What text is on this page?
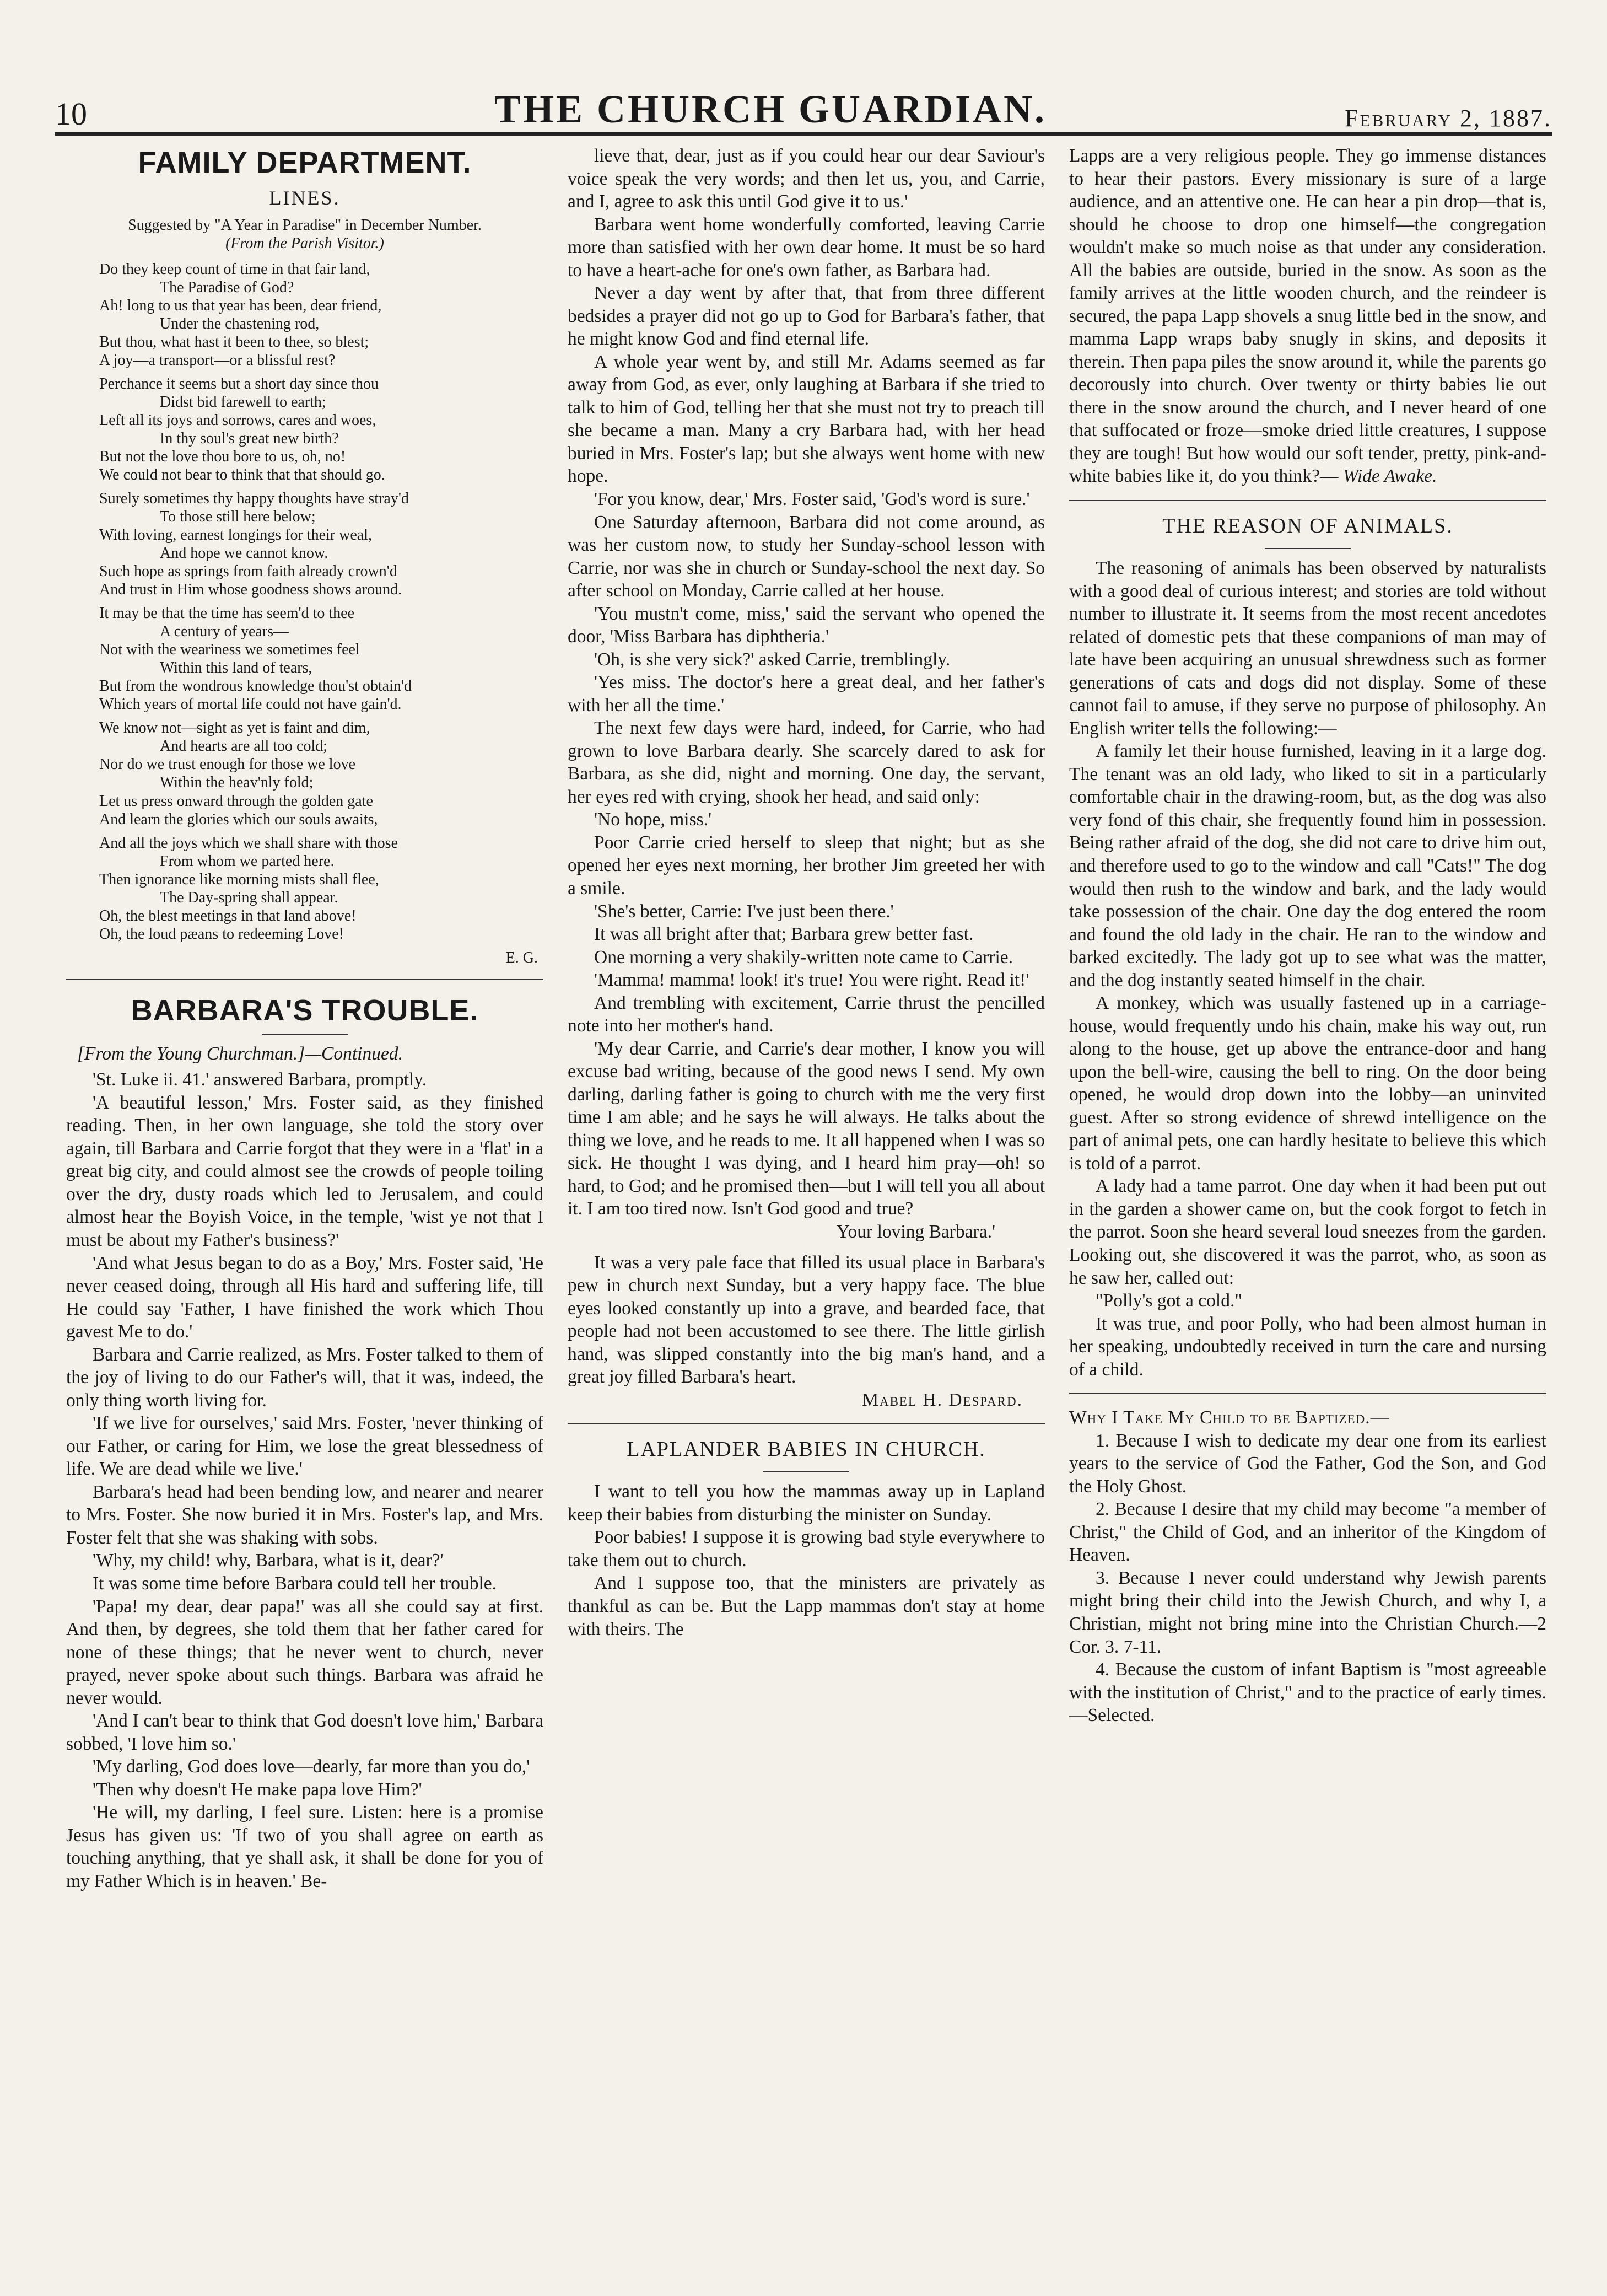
10	THE CHURCH GUARDIAN.	February 2, 1887.
FAMILY DEPARTMENT.
LINES.
Suggested by "A Year in Paradise" in December Number.
(From the Parish Visitor.)
Do they keep count of time in that fair land,
The Paradise of God?
Ah! long to us that year has been, dear friend,
Under the chastening rod,
But thou, what hast it been to thee, so blest;
A joy—a transport—or a blissful rest?
Perchance it seems but a short day since thou
Didst bid farewell to earth;
Left all its joys and sorrows, cares and woes,
In thy soul's great new birth?
But not the love thou bore to us, oh, no!
We could not bear to think that that should go.
Surely sometimes thy happy thoughts have stray'd
To those still here below;
With loving, earnest longings for their weal,
And hope we cannot know.
Such hope as springs from faith already crown'd
And trust in Him whose goodness shows around.
It may be that the time has seem'd to thee
A century of years—
Not with the weariness we sometimes feel
Within this land of tears,
But from the wondrous knowledge thou'st obtain'd
Which years of mortal life could not have gain'd.
We know not—sight as yet is faint and dim,
And hearts are all too cold;
Nor do we trust enough for those we love
Within the heav'nly fold;
Let us press onward through the golden gate
And learn the glories which our souls awaits,
And all the joys which we shall share with those
From whom we parted here.
Then ignorance like morning mists shall flee,
The Day-spring shall appear.
Oh, the blest meetings in that land above!
Oh, the loud pæans to redeeming Love!
E. G.
BARBARA'S TROUBLE.
[From the Young Churchman.]—Continued.

'St. Luke ii. 41.' answered Barbara, promptly.

'A beautiful lesson,' Mrs. Foster said, as they finished reading. Then, in her own language, she told the story over again, till Barbara and Carrie forgot that they were in a 'flat' in a great big city, and could almost see the crowds of people toiling over the dry, dusty roads which led to Jerusalem, and could almost hear the Boyish Voice, in the temple, 'wist ye not that I must be about my Father's business?'

'And what Jesus began to do as a Boy,' Mrs. Foster said, 'He never ceased doing, through all His hard and suffering life, till He could say 'Father, I have finished the work which Thou gavest Me to do.'

Barbara and Carrie realized, as Mrs. Foster talked to them of the joy of living to do our Father's will, that it was, indeed, the only thing worth living for.

'If we live for ourselves,' said Mrs. Foster, 'never thinking of our Father, or caring for Him, we lose the great blessedness of life. We are dead while we live.'

Barbara's head had been bending low, and nearer and nearer to Mrs. Foster. She now buried it in Mrs. Foster's lap, and Mrs. Foster felt that she was shaking with sobs.

'Why, my child! why, Barbara, what is it, dear?'

It was some time before Barbara could tell her trouble.

'Papa! my dear, dear papa!' was all she could say at first. And then, by degrees, she told them that her father cared for none of these things; that he never went to church, never prayed, never spoke about such things. Barbara was afraid he never would.

'And I can't bear to think that God doesn't love him,' Barbara sobbed, 'I love him so.'

'My darling, God does love—dearly, far more than you do,'

'Then why doesn't He make papa love Him?'

'He will, my darling, I feel sure. Listen: here is a promise Jesus has given us: 'If two of you shall agree on earth as touching anything, that ye shall ask, it shall be done for you of my Father Which is in heaven.' Be-

lieve that, dear, just as if you could hear our dear Saviour's voice speak the very words; and then let us, you, and Carrie, and I, agree to ask this until God give it to us.'

Barbara went home wonderfully comforted, leaving Carrie more than satisfied with her own dear home. It must be so hard to have a heart-ache for one's own father, as Barbara had.

Never a day went by after that, that from three different bedsides a prayer did not go up to God for Barbara's father, that he might know God and find eternal life.

A whole year went by, and still Mr. Adams seemed as far away from God, as ever, only laughing at Barbara if she tried to talk to him of God, telling her that she must not try to preach till she became a man. Many a cry Barbara had, with her head buried in Mrs. Foster's lap; but she always went home with new hope.

'For you know, dear,' Mrs. Foster said, 'God's word is sure.'

One Saturday afternoon, Barbara did not come around, as was her custom now, to study her Sunday-school lesson with Carrie, nor was she in church or Sunday-school the next day. So after school on Monday, Carrie called at her house.

'You mustn't come, miss,' said the servant who opened the door, 'Miss Barbara has diphtheria.'

'Oh, is she very sick?' asked Carrie, tremblingly.

'Yes miss. The doctor's here a great deal, and her father's with her all the time.'

The next few days were hard, indeed, for Carrie, who had grown to love Barbara dearly. She scarcely dared to ask for Barbara, as she did, night and morning. One day, the servant, her eyes red with crying, shook her head, and said only:

'No hope, miss.'

Poor Carrie cried herself to sleep that night; but as she opened her eyes next morning, her brother Jim greeted her with a smile.

'She's better, Carrie: I've just been there.'

It was all bright after that; Barbara grew better fast.

One morning a very shakily-written note came to Carrie.

'Mamma! mamma! look! it's true! You were right. Read it!'

And trembling with excitement, Carrie thrust the pencilled note into her mother's hand.

'My dear Carrie, and Carrie's dear mother, I know you will excuse bad writing, because of the good news I send. My own darling, darling father is going to church with me the very first time I am able; and he says he will always. He talks about the thing we love, and he reads to me. It all happened when I was so sick. He thought I was dying, and I heard him pray—oh! so hard, to God; and he promised then—but I will tell you all about it. I am too tired now. Isn't God good and true?

Your loving Barbara.'

It was a very pale face that filled its usual place in Barbara's pew in church next Sunday, but a very happy face. The blue eyes looked constantly up into a grave, and bearded face, that people had not been accustomed to see there. The little girlish hand, was slipped constantly into the big man's hand, and a great joy filled Barbara's heart.

Mabel H. Despard.
LAPLANDER BABIES IN CHURCH.

I want to tell you how the mammas away up in Lapland keep their babies from disturbing the minister on Sunday.

Poor babies! I suppose it is growing bad style everywhere to take them out to church.

And I suppose too, that the ministers are privately as thankful as can be. But the Lapp mammas don't stay at home with theirs. The

Lapps are a very religious people. They go immense distances to hear their pastors. Every missionary is sure of a large audience, and an attentive one. He can hear a pin drop—that is, should he choose to drop one himself—the congregation wouldn't make so much noise as that under any consideration. All the babies are outside, buried in the snow. As soon as the family arrives at the little wooden church, and the reindeer is secured, the papa Lapp shovels a snug little bed in the snow, and mamma Lapp wraps baby snugly in skins, and deposits it therein. Then papa piles the snow around it, while the parents go decorously into church. Over twenty or thirty babies lie out there in the snow around the church, and I never heard of one that suffocated or froze—smoke dried little creatures, I suppose they are tough! But how would our soft tender, pretty, pink-and-white babies like it, do you think?— Wide Awake.
THE REASON OF ANIMALS.

The reasoning of animals has been observed by naturalists with a good deal of curious interest; and stories are told without number to illustrate it. It seems from the most recent ancedotes related of domestic pets that these companions of man may of late have been acquiring an unusual shrewdness such as former generations of cats and dogs did not display. Some of these cannot fail to amuse, if they serve no purpose of philosophy. An English writer tells the following:—

A family let their house furnished, leaving in it a large dog. The tenant was an old lady, who liked to sit in a particularly comfortable chair in the drawing-room, but, as the dog was also very fond of this chair, she frequently found him in possession. Being rather afraid of the dog, she did not care to drive him out, and therefore used to go to the window and call "Cats!" The dog would then rush to the window and bark, and the lady would take possession of the chair. One day the dog entered the room and found the old lady in the chair. He ran to the window and barked excitedly. The lady got up to see what was the matter, and the dog instantly seated himself in the chair.

A monkey, which was usually fastened up in a carriage-house, would frequently undo his chain, make his way out, run along to the house, get up above the entrance-door and hang upon the bell-wire, causing the bell to ring. On the door being opened, he would drop down into the lobby—an uninvited guest. After so strong evidence of shrewd intelligence on the part of animal pets, one can hardly hesitate to believe this which is told of a parrot.

A lady had a tame parrot. One day when it had been put out in the garden a shower came on, but the cook forgot to fetch in the parrot. Soon she heard several loud sneezes from the garden. Looking out, she discovered it was the parrot, who, as soon as he saw her, called out:

"Polly's got a cold."

It was true, and poor Polly, who had been almost human in her speaking, undoubtedly received in turn the care and nursing of a child.

Why I Take My Child to be Baptized.—

1. Because I wish to dedicate my dear one from its earliest years to the service of God the Father, God the Son, and God the Holy Ghost.

2. Because I desire that my child may become "a member of Christ," the Child of God, and an inheritor of the Kingdom of Heaven.

3. Because I never could understand why Jewish parents might bring their child into the Jewish Church, and why I, a Christian, might not bring mine into the Christian Church.—2 Cor. 3. 7-11.

4. Because the custom of infant Baptism is "most agreeable with the institution of Christ," and to the practice of early times.—Selected.
